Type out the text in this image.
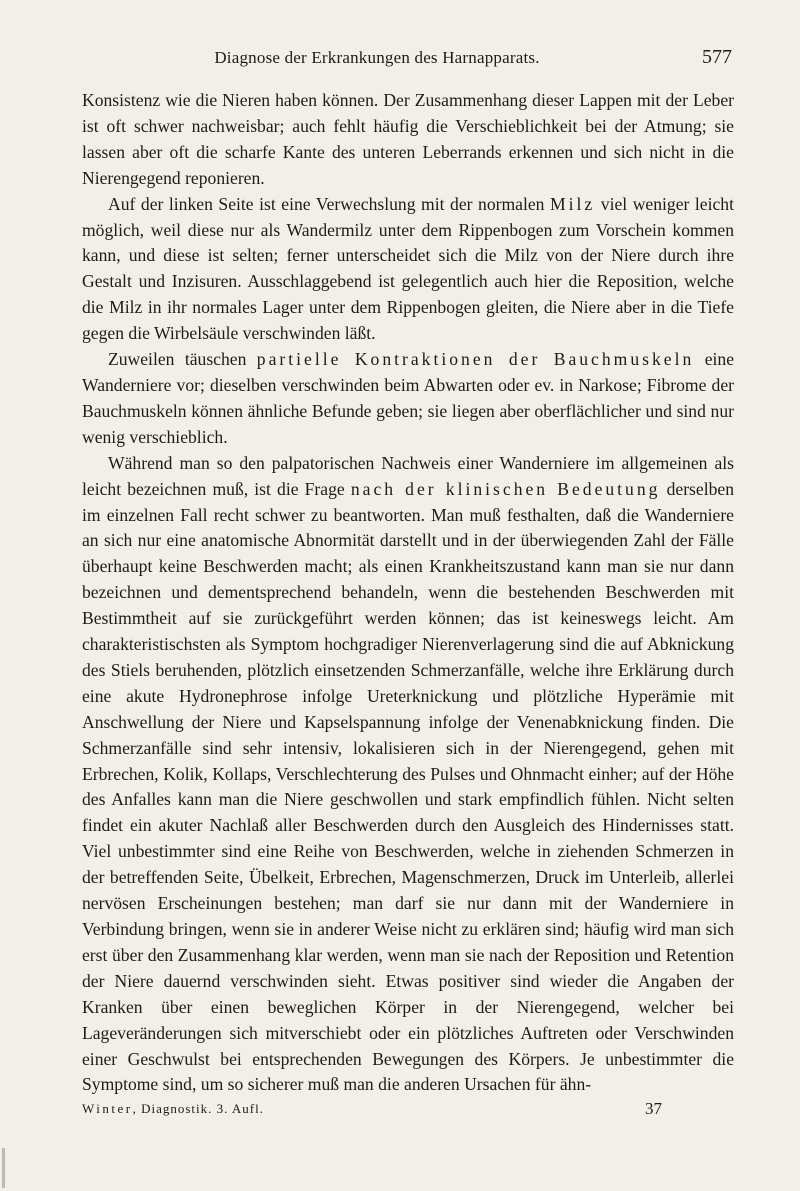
Diagnose der Erkrankungen des Harnapparats.	577

Konsistenz wie die Nieren haben können. Der Zusammenhang dieser Lappen mit der Leber ist oft schwer nachweisbar; auch fehlt häufig die Verschieblichkeit bei der Atmung; sie lassen aber oft die scharfe Kante des unteren Leberrands erkennen und sich nicht in die Nierengegend reponieren.

Auf der linken Seite ist eine Verwechslung mit der normalen Milz viel weniger leicht möglich, weil diese nur als Wandermilz unter dem Rippenbogen zum Vorschein kommen kann, und diese ist selten; ferner unterscheidet sich die Milz von der Niere durch ihre Gestalt und Inzisuren. Ausschlaggebend ist gelegentlich auch hier die Reposition, welche die Milz in ihr normales Lager unter dem Rippenbogen gleiten, die Niere aber in die Tiefe gegen die Wirbelsäule verschwinden läßt.

Zuweilen täuschen partielle Kontraktionen der Bauchmuskeln eine Wanderniere vor; dieselben verschwinden beim Abwarten oder ev. in Narkose; Fibrome der Bauchmuskeln können ähnliche Befunde geben; sie liegen aber oberflächlicher und sind nur wenig verschieblich.

Während man so den palpatorischen Nachweis einer Wanderniere im allgemeinen als leicht bezeichnen muß, ist die Frage nach der klinischen Bedeutung derselben im einzelnen Fall recht schwer zu beantworten. Man muß festhalten, daß die Wanderniere an sich nur eine anatomische Abnormität darstellt und in der überwiegenden Zahl der Fälle überhaupt keine Beschwerden macht; als einen Krankheitszustand kann man sie nur dann bezeichnen und dementsprechend behandeln, wenn die bestehenden Beschwerden mit Bestimmtheit auf sie zurückgeführt werden können; das ist keineswegs leicht. Am charakteristischsten als Symptom hochgradiger Nierenverlagerung sind die auf Abknickung des Stiels beruhenden, plötzlich einsetzenden Schmerzanfälle, welche ihre Erklärung durch eine akute Hydronephrose infolge Ureterknickung und plötzliche Hyperämie mit Anschwellung der Niere und Kapselspannung infolge der Venenabknickung finden. Die Schmerzanfälle sind sehr intensiv, lokalisieren sich in der Nierengegend, gehen mit Erbrechen, Kolik, Kollaps, Verschlechterung des Pulses und Ohnmacht einher; auf der Höhe des Anfalles kann man die Niere geschwollen und stark empfindlich fühlen. Nicht selten findet ein akuter Nachlaß aller Beschwerden durch den Ausgleich des Hindernisses statt. Viel unbestimmter sind eine Reihe von Beschwerden, welche in ziehenden Schmerzen in der betreffenden Seite, Übelkeit, Erbrechen, Magenschmerzen, Druck im Unterleib, allerlei nervösen Erscheinungen bestehen; man darf sie nur dann mit der Wanderniere in Verbindung bringen, wenn sie in anderer Weise nicht zu erklären sind; häufig wird man sich erst über den Zusammenhang klar werden, wenn man sie nach der Reposition und Retention der Niere dauernd verschwinden sieht. Etwas positiver sind wieder die Angaben der Kranken über einen beweglichen Körper in der Nierengegend, welcher bei Lageveränderungen sich mitverschiebt oder ein plötzliches Auftreten oder Verschwinden einer Geschwulst bei entsprechenden Bewegungen des Körpers. Je unbestimmter die Symptome sind, um so sicherer muß man die anderen Ursachen für ähn-

Winter, Diagnostik. 3. Aufl.	37
